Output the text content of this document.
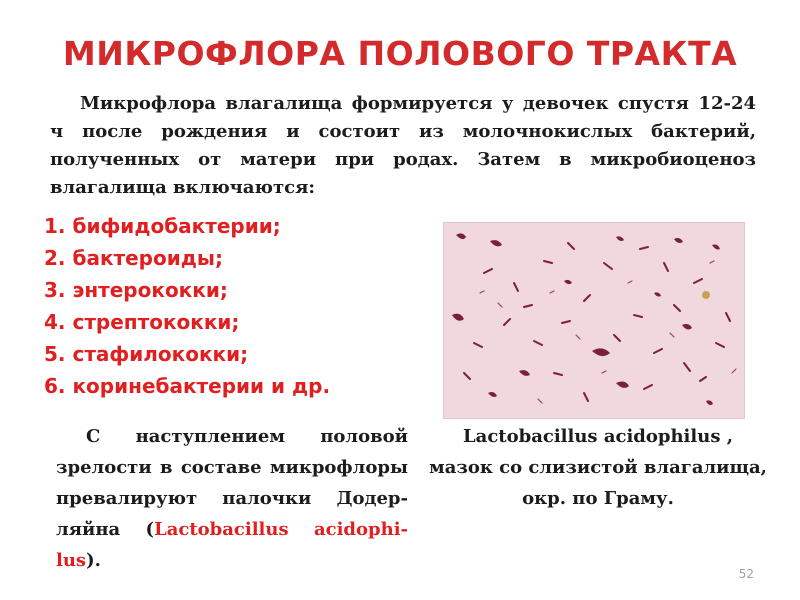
МИКРОФЛОРА ПОЛОВОГО ТРАКТА
Микрофлора влагалища формируется у девочек спустя 12-24 ч после рождения и состоит из молочнокислых бактерий, полученных от матери при родах. Затем в микробиоценоз влагалища включаются:
1. бифидобактерии;
2. бактероиды;
3. энтерококки;
4. стрептококки;
5. стафилококки;
6. коринебактерии и др.
С наступлением половой зрелости в составе микрофлоры превалируют палочки Додер-ляйна (Lactobacillus acidophi-lus).
Lactobacillus acidophilus , мазок со слизистой влагалища, окр. по Граму.
52
